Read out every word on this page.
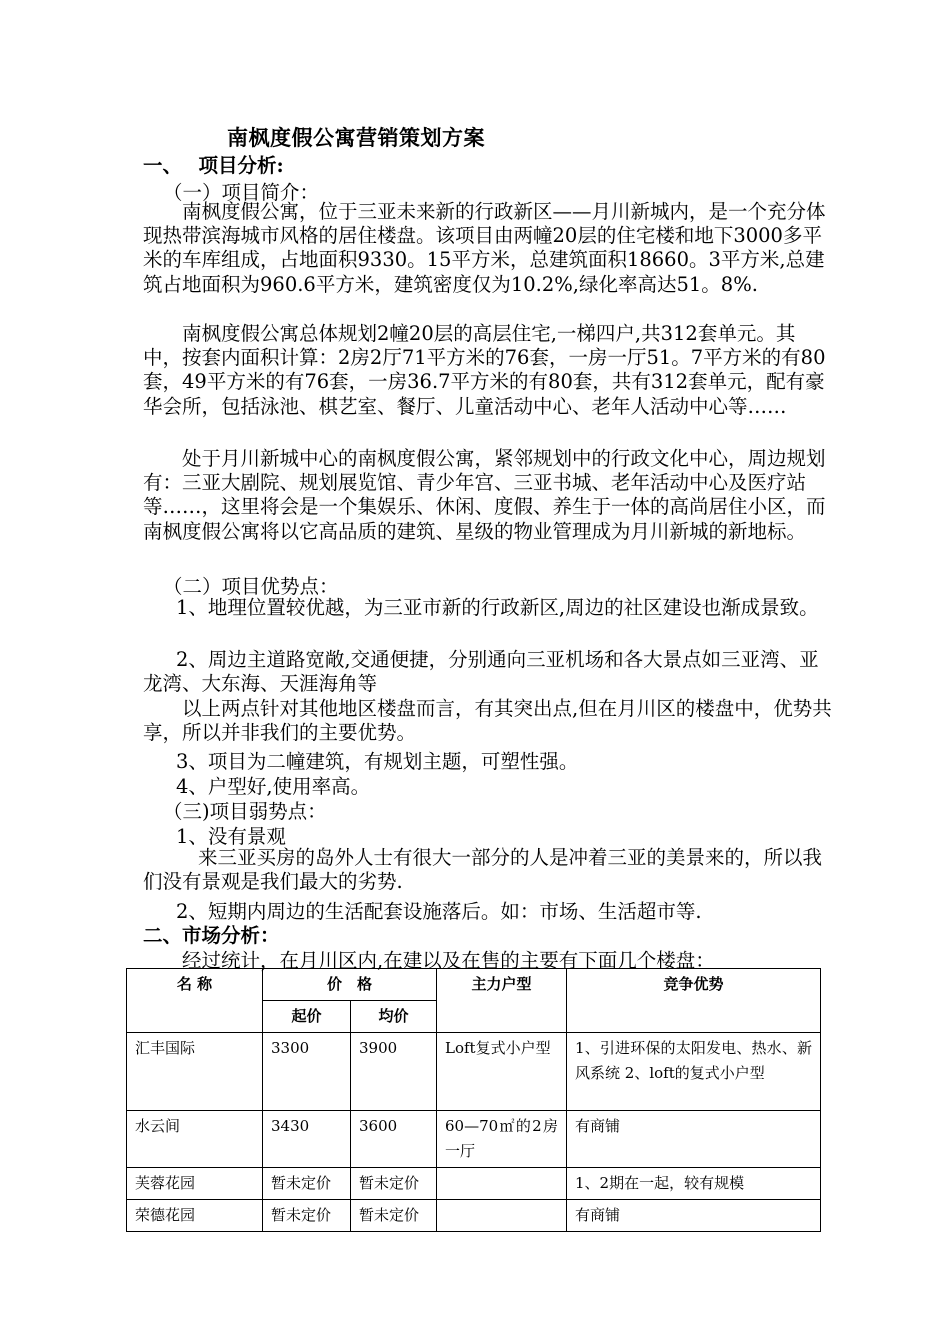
南枫度假公寓营销策划方案
一、　 项目分析:
（一）项目简介：
南枫度假公寓，位于三亚未来新的行政新区——月川新城内，是一个充分体现热带滨海城市风格的居住楼盘。该项目由两幢20层的住宅楼和地下3000多平米的车库组成，占地面积9330。15平方米，总建筑面积18660。3平方米,总建筑占地面积为960.6平方米，建筑密度仅为10.2%,绿化率高达51。8%.
南枫度假公寓总体规划2幢20层的高层住宅,一梯四户,共312套单元。其中，按套内面积计算：2房2厅71平方米的76套，一房一厅51。7平方米的有80套，49平方米的有76套，一房36.7平方米的有80套，共有312套单元，配有豪华会所，包括泳池、棋艺室、餐厅、儿童活动中心、老年人活动中心等……
处于月川新城中心的南枫度假公寓，紧邻规划中的行政文化中心，周边规划有：三亚大剧院、规划展览馆、青少年宫、三亚书城、老年活动中心及医疗站等……，这里将会是一个集娱乐、休闲、度假、养生于一体的高尚居住小区，而南枫度假公寓将以它高品质的建筑、星级的物业管理成为月川新城的新地标。
（二）项目优势点：
1、地理位置较优越，为三亚市新的行政新区,周边的社区建设也渐成景致。
2、周边主道路宽敞,交通便捷，分别通向三亚机场和各大景点如三亚湾、亚龙湾、大东海、天涯海角等
以上两点针对其他地区楼盘而言，有其突出点,但在月川区的楼盘中，优势共享，所以并非我们的主要优势。
3、项目为二幢建筑，有规划主题，可塑性强。
4、户型好,使用率高。
（三)项目弱势点：
1、没有景观
来三亚买房的岛外人士有很大一部分的人是冲着三亚的美景来的，所以我们没有景观是我们最大的劣势.
2、短期内周边的生活配套设施落后。如：市场、生活超市等.
二、市场分析：
经过统计，在月川区内,在建以及在售的主要有下面几个楼盘：
名 称	价　格		主力户型	竞争优势
	起价	均价		
汇丰国际	3300	3900	Loft复式小户型	1、引进环保的太阳发电、热水、新风系统 2、loft的复式小户型
水云间	3430	3600	60—70㎡的2房一厅	有商铺
芙蓉花园	暂未定价	暂未定价		1、2期在一起，较有规模
荣德花园	暂未定价	暂未定价		有商铺
